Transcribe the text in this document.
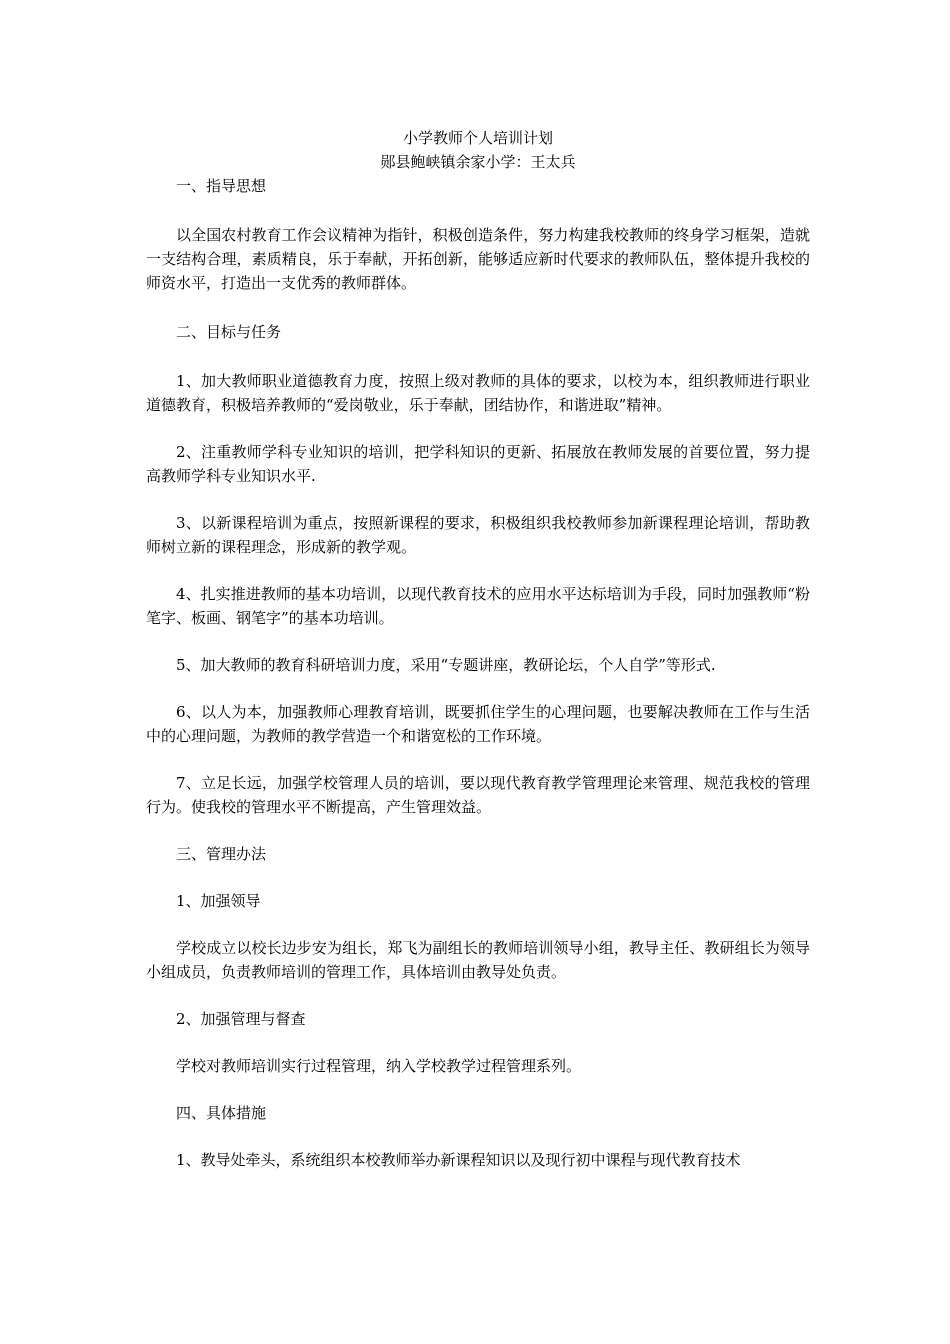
小学教师个人培训计划

郧县鲍峡镇余家小学：王太兵

一、指导思想

以全国农村教育工作会议精神为指针，积极创造条件，努力构建我校教师的终身学习框架，造就一支结构合理，素质精良，乐于奉献，开拓创新，能够适应新时代要求的教师队伍，整体提升我校的师资水平，打造出一支优秀的教师群体。

二、目标与任务

1、加大教师职业道德教育力度，按照上级对教师的具体的要求，以校为本，组织教师进行职业道德教育，积极培养教师的“爱岗敬业，乐于奉献，团结协作，和谐进取”精神。

2、注重教师学科专业知识的培训，把学科知识的更新、拓展放在教师发展的首要位置，努力提高教师学科专业知识水平.

3、以新课程培训为重点，按照新课程的要求，积极组织我校教师参加新课程理论培训，帮助教师树立新的课程理念，形成新的教学观。

4、扎实推进教师的基本功培训，以现代教育技术的应用水平达标培训为手段，同时加强教师“粉笔字、板画、钢笔字”的基本功培训。

5、加大教师的教育科研培训力度，采用“专题讲座，教研论坛，个人自学”等形式.

6、以人为本，加强教师心理教育培训，既要抓住学生的心理问题，也要解决教师在工作与生活中的心理问题，为教师的教学营造一个和谐宽松的工作环境。

7、立足长远，加强学校管理人员的培训，要以现代教育教学管理理论来管理、规范我校的管理行为。使我校的管理水平不断提高，产生管理效益。

三、管理办法

1、加强领导

学校成立以校长边步安为组长，郑飞为副组长的教师培训领导小组，教导主任、教研组长为领导小组成员，负责教师培训的管理工作，具体培训由教导处负责。

2、加强管理与督查

学校对教师培训实行过程管理，纳入学校教学过程管理系列。

四、具体措施

1、教导处牵头，系统组织本校教师举办新课程知识以及现行初中课程与现代教育技术
